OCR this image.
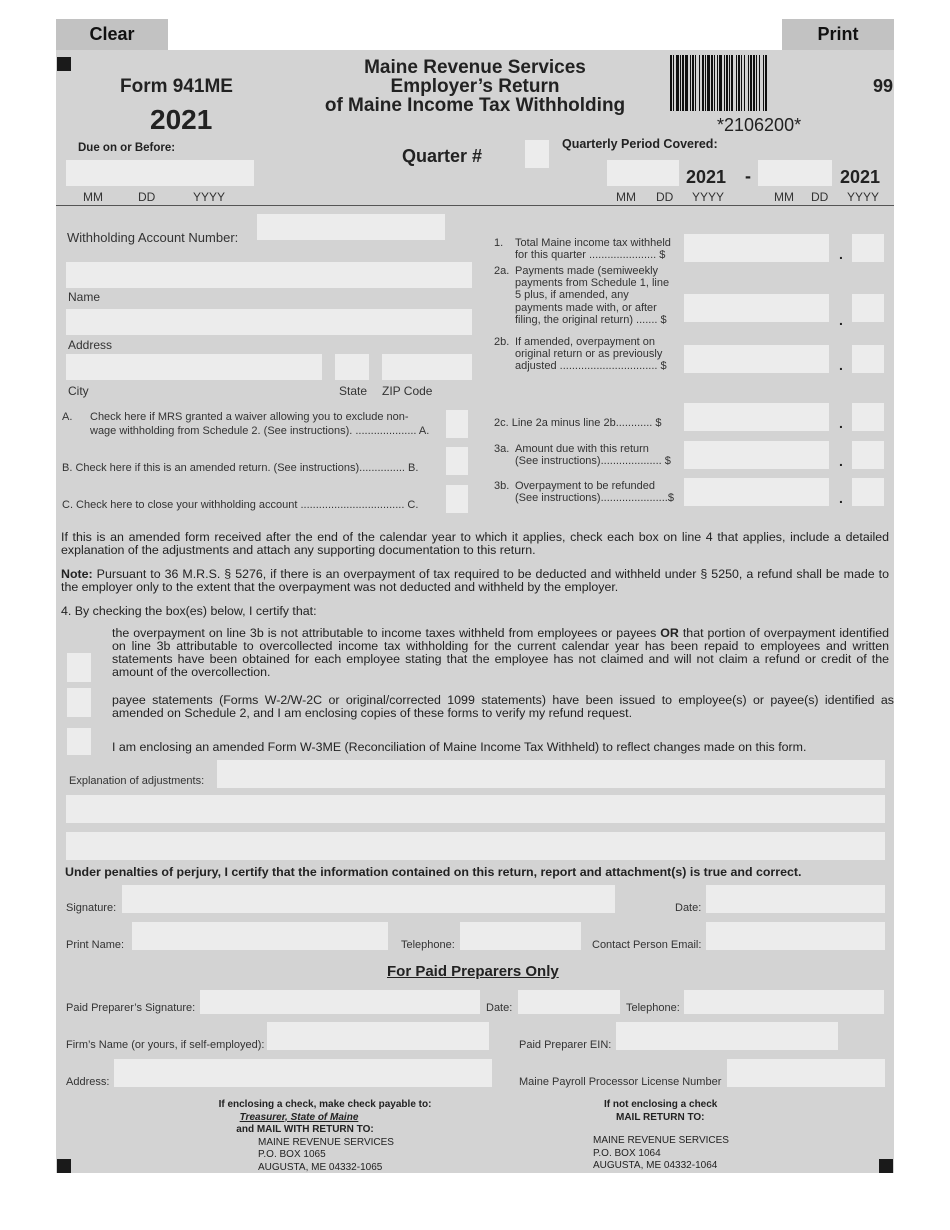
Clear	Print
Form 941ME
2021
Maine Revenue Services
Employer’s Return
of Maine Income Tax Withholding
*2106200*
99
Due on or Before:	Quarter #
Quarterly Period Covered:
2021 -	2021
MM	DD	YYYY	MM DD YYYY	MM DD YYYY
Withholding Account Number:
Name
Address
City	State ZIP Code
A. Check here if MRS granted a waiver allowing you to exclude non-
wage withholding from Schedule 2. (See instructions). .................... A.
B. Check here if this is an amended return. (See instructions)............... B.
C. Check here to close your withholding account .................................. C.
1. Total Maine income tax withheld
for this quarter ...................... $	.
2a. Payments made (semiweekly
payments from Schedule 1, line
5 plus, if amended, any
payments made with, or after
filing, the original return) ....... $	.
2b. If amended, overpayment on
original return or as previously
adjusted ................................ $	.
2c. Line 2a minus line 2b............ $	.
3a. Amount due with this return
(See instructions).................... $	.
3b. Overpayment to be refunded
(See instructions)......................$	.
If this is an amended form received after the end of the calendar year to which it applies, check each box on line 4 that applies, include a detailed explanation of the adjustments and attach any supporting documentation to this return.
Note: Pursuant to 36 M.R.S. § 5276, if there is an overpayment of tax required to be deducted and withheld under § 5250, a refund shall be made to the employer only to the extent that the overpayment was not deducted and withheld by the employer.
4. By checking the box(es) below, I certify that:
the overpayment on line 3b is not attributable to income taxes withheld from employees or payees OR that portion of overpayment identified on line 3b attributable to overcollected income tax withholding for the current calendar year has been repaid to employees and written statements have been obtained for each employee stating that the employee has not claimed and will not claim a refund or credit of the amount of the overcollection.
payee statements (Forms W-2/W-2C or original/corrected 1099 statements) have been issued to employee(s) or payee(s) identified as amended on Schedule 2, and I am enclosing copies of these forms to verify my refund request.
I am enclosing an amended Form W-3ME (Reconciliation of Maine Income Tax Withheld) to reflect changes made on this form.
Explanation of adjustments:
Under penalties of perjury, I certify that the information contained on this return, report and attachment(s) is true and correct.
Signature:	Date:
Print Name:	Telephone:	Contact Person Email:
For Paid Preparers Only
Paid Preparer’s Signature:	Date:	Telephone:
Firm’s Name (or yours, if self-employed):	Paid Preparer EIN:
Address:	Maine Payroll Processor License Number
If enclosing a check, make check payable to:
Treasurer, State of Maine
and MAIL WITH RETURN TO:
MAINE REVENUE SERVICES
P.O. BOX 1065
AUGUSTA, ME 04332-1065
If not enclosing a check
MAIL RETURN TO:
MAINE REVENUE SERVICES
P.O. BOX 1064
AUGUSTA, ME 04332-1064
